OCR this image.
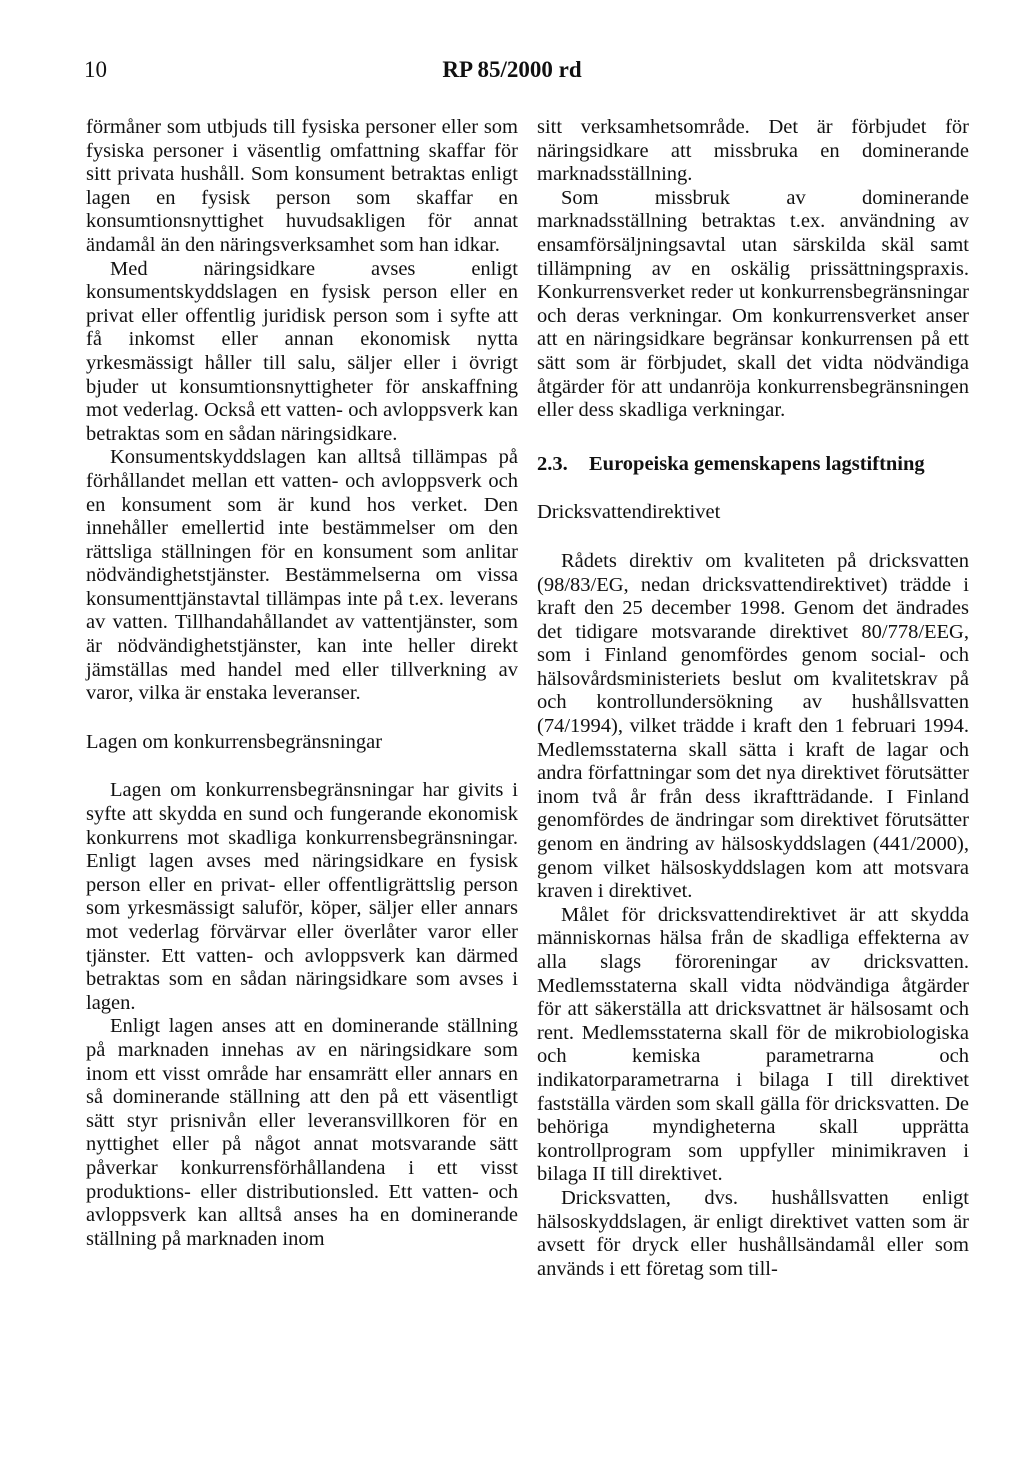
10	RP 85/2000 rd

förmåner som utbjuds till fysiska personer eller som fysiska personer i väsentlig omfattning skaffar för sitt privata hushåll. Som konsument betraktas enligt lagen en fysisk person som skaffar en konsumtionsnyttighet huvudsakligen för annat ändamål än den näringsverksamhet som han idkar.

Med näringsidkare avses enligt konsumentskyddslagen en fysisk person eller en privat eller offentlig juridisk person som i syfte att få inkomst eller annan ekonomisk nytta yrkesmässigt håller till salu, säljer eller i övrigt bjuder ut konsumtionsnyttigheter för anskaffning mot vederlag. Också ett vatten- och avloppsverk kan betraktas som en sådan näringsidkare.

Konsumentskyddslagen kan alltså tillämpas på förhållandet mellan ett vatten- och avloppsverk och en konsument som är kund hos verket. Den innehåller emellertid inte bestämmelser om den rättsliga ställningen för en konsument som anlitar nödvändighetstjänster. Bestämmelserna om vissa konsumenttjänstavtal tillämpas inte på t.ex. leverans av vatten. Tillhandahållandet av vattentjänster, som är nödvändighetstjänster, kan inte heller direkt jämställas med handel med eller tillverkning av varor, vilka är enstaka leveranser.

Lagen om konkurrensbegränsningar

Lagen om konkurrensbegränsningar har givits i syfte att skydda en sund och fungerande ekonomisk konkurrens mot skadliga konkurrensbegränsningar. Enligt lagen avses med näringsidkare en fysisk person eller en privat- eller offentligrättslig person som yrkesmässigt saluför, köper, säljer eller annars mot vederlag förvärvar eller överlåter varor eller tjänster. Ett vatten- och avloppsverk kan därmed betraktas som en sådan näringsidkare som avses i lagen.

Enligt lagen anses att en dominerande ställning på marknaden innehas av en näringsidkare som inom ett visst område har ensamrätt eller annars en så dominerande ställning att den på ett väsentligt sätt styr prisnivån eller leveransvillkoren för en nyttighet eller på något annat motsvarande sätt påverkar konkurrensförhållandena i ett visst produktions- eller distributionsled. Ett vatten- och avloppsverk kan alltså anses ha en dominerande ställning på marknaden inom

sitt verksamhetsområde. Det är förbjudet för näringsidkare att missbruka en dominerande marknadsställning.

Som missbruk av dominerande marknadsställning betraktas t.ex. användning av ensamförsäljningsavtal utan särskilda skäl samt tillämpning av en oskälig prissättningspraxis. Konkurrensverket reder ut konkurrensbegränsningar och deras verkningar. Om konkurrensverket anser att en näringsidkare begränsar konkurrensen på ett sätt som är förbjudet, skall det vidta nödvändiga åtgärder för att undanröja konkurrensbegränsningen eller dess skadliga verkningar.

2.3. Europeiska gemenskapens lagstiftning
Dricksvattendirektivet

Rådets direktiv om kvaliteten på dricksvatten (98/83/EG, nedan dricksvattendirektivet) trädde i kraft den 25 december 1998. Genom det ändrades det tidigare motsvarande direktivet 80/778/EEG, som i Finland genomfördes genom social- och hälsovårdsministeriets beslut om kvalitetskrav på och kontrollundersökning av hushållsvatten (74/1994), vilket trädde i kraft den 1 februari 1994. Medlemsstaterna skall sätta i kraft de lagar och andra författningar som det nya direktivet förutsätter inom två år från dess ikraftträdande. I Finland genomfördes de ändringar som direktivet förutsätter genom en ändring av hälsoskyddslagen (441/2000), genom vilket hälsoskyddslagen kom att motsvara kraven i direktivet.

Målet för dricksvattendirektivet är att skydda människornas hälsa från de skadliga effekterna av alla slags föroreningar av dricksvatten. Medlemsstaterna skall vidta nödvändiga åtgärder för att säkerställa att dricksvattnet är hälsosamt och rent. Medlemsstaterna skall för de mikrobiologiska och kemiska parametrarna och indikatorparametrarna i bilaga I till direktivet fastställa värden som skall gälla för dricksvatten. De behöriga myndigheterna skall upprätta kontrollprogram som uppfyller minimikraven i bilaga II till direktivet.

Dricksvatten, dvs. hushållsvatten enligt hälsoskyddslagen, är enligt direktivet vatten som är avsett för dryck eller hushållsändamål eller som används i ett företag som till-
